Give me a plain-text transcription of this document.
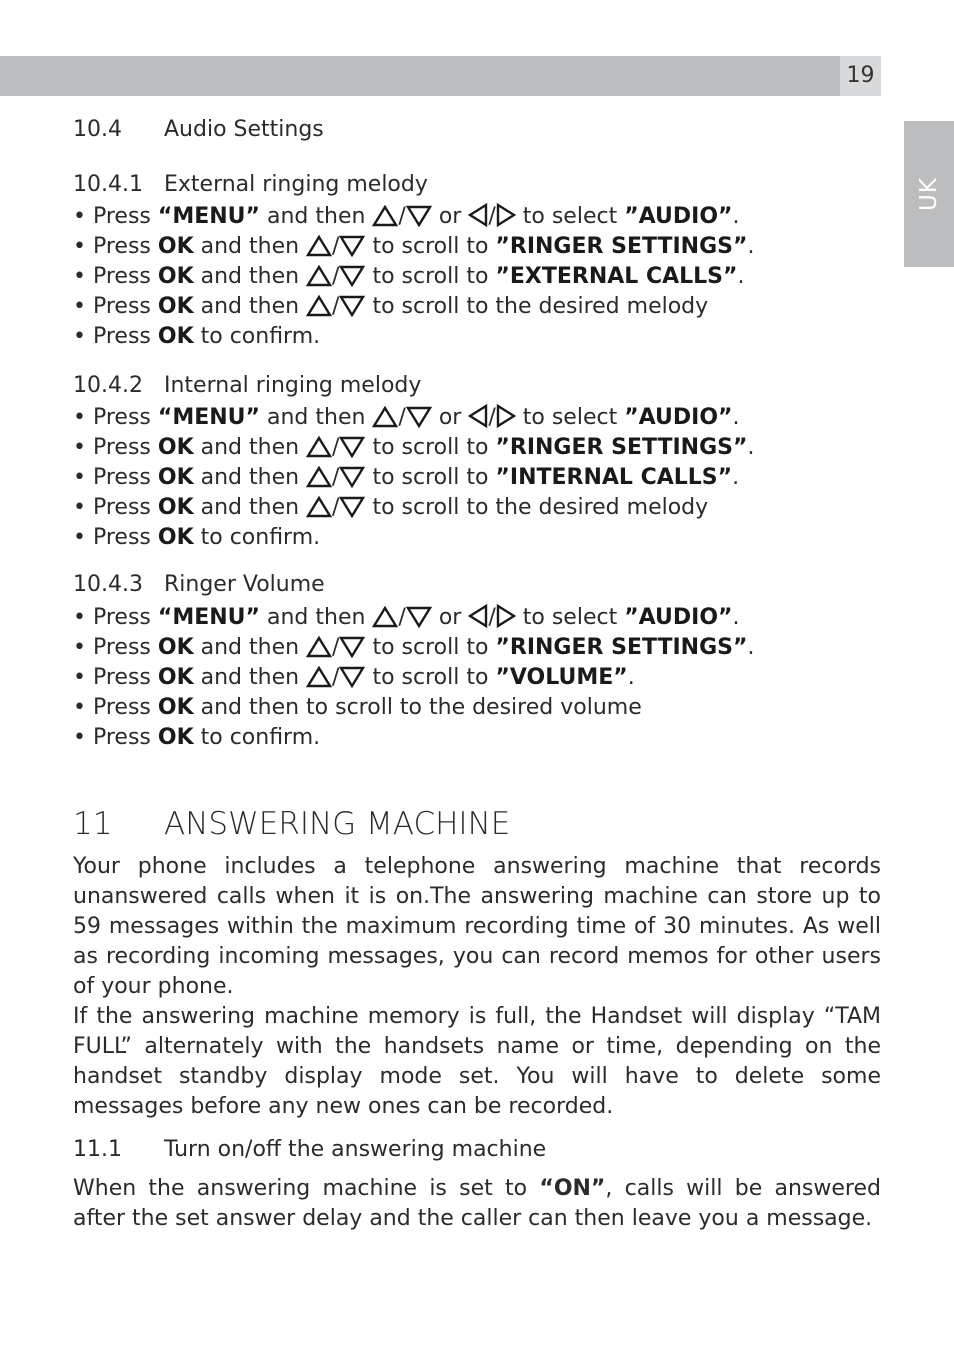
19
UK
10.4 Audio Settings
10.4.1 External ringing melody
• Press “MENU” and then / or / to select ”AUDIO”.
• Press OK and then / to scroll to ”RINGER SETTINGS”.
• Press OK and then / to scroll to ”EXTERNAL CALLS”.
• Press OK and then / to scroll to the desired melody
• Press OK to confirm.
10.4.2 Internal ringing melody
• Press “MENU” and then / or / to select ”AUDIO”.
• Press OK and then / to scroll to ”RINGER SETTINGS”.
• Press OK and then / to scroll to ”INTERNAL CALLS”.
• Press OK and then / to scroll to the desired melody
• Press OK to confirm.
10.4.3 Ringer Volume
• Press “MENU” and then / or / to select ”AUDIO”.
• Press OK and then / to scroll to ”RINGER SETTINGS”.
• Press OK and then / to scroll to ”VOLUME”.
• Press OK and then to scroll to the desired volume
• Press OK to confirm.
11 ANSWERING MACHINE

Your phone includes a telephone answering machine that records unanswered calls when it is on.The answering machine can store up to 59 messages within the maximum recording time of 30 minutes. As well as recording incoming messages, you can record memos for other users of your phone.

If the answering machine memory is full, the Handset will display “TAM FULL” alternately with the handsets name or time, depending on the handset standby display mode set. You will have to delete some messages before any new ones can be recorded.

11.1 Turn on/off the answering machine

When the answering machine is set to “ON”, calls will be answered after the set answer delay and the caller can then leave you a message.
